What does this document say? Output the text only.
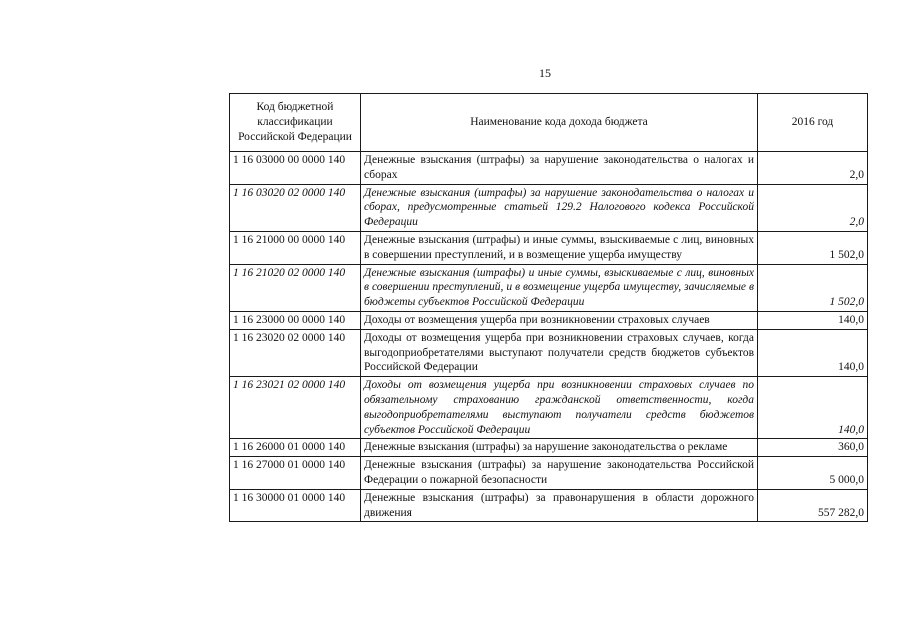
15
Код бюджетной классификации Российской Федерации	Наименование кода дохода бюджета	2016 год
1 16 03000 00 0000 140	Денежные взыскания (штрафы) за нарушение законодательства о налогах и сборах	2,0
1 16 03020 02 0000 140	Денежные взыскания (штрафы) за нарушение законодательства о налогах и сборах, предусмотренные статьей 129.2 Налогового кодекса Российской Федерации	2,0
1 16 21000 00 0000 140	Денежные взыскания (штрафы) и иные суммы, взыскиваемые с лиц, виновных в совершении преступлений, и в возмещение ущерба имуществу	1 502,0
1 16 21020 02 0000 140	Денежные взыскания (штрафы) и иные суммы, взыскиваемые с лиц, виновных в совершении преступлений, и в возмещение ущерба имуществу, зачисляемые в бюджеты субъектов Российской Федерации	1 502,0
1 16 23000 00 0000 140	Доходы от возмещения ущерба при возникновении страховых случаев	140,0
1 16 23020 02 0000 140	Доходы от возмещения ущерба при возникновении страховых случаев, когда выгодоприобретателями выступают получатели средств бюджетов субъектов Российской Федерации	140,0
1 16 23021 02 0000 140	Доходы от возмещения ущерба при возникновении страховых случаев по обязательному страхованию гражданской ответственности, когда выгодоприобретателями выступают получатели средств бюджетов субъектов Российской Федерации	140,0
1 16 26000 01 0000 140	Денежные взыскания (штрафы) за нарушение законодательства о рекламе	360,0
1 16 27000 01 0000 140	Денежные взыскания (штрафы) за нарушение законодательства Российской Федерации о пожарной безопасности	5 000,0
1 16 30000 01 0000 140	Денежные взыскания (штрафы) за правонарушения в области дорожного движения	557 282,0
